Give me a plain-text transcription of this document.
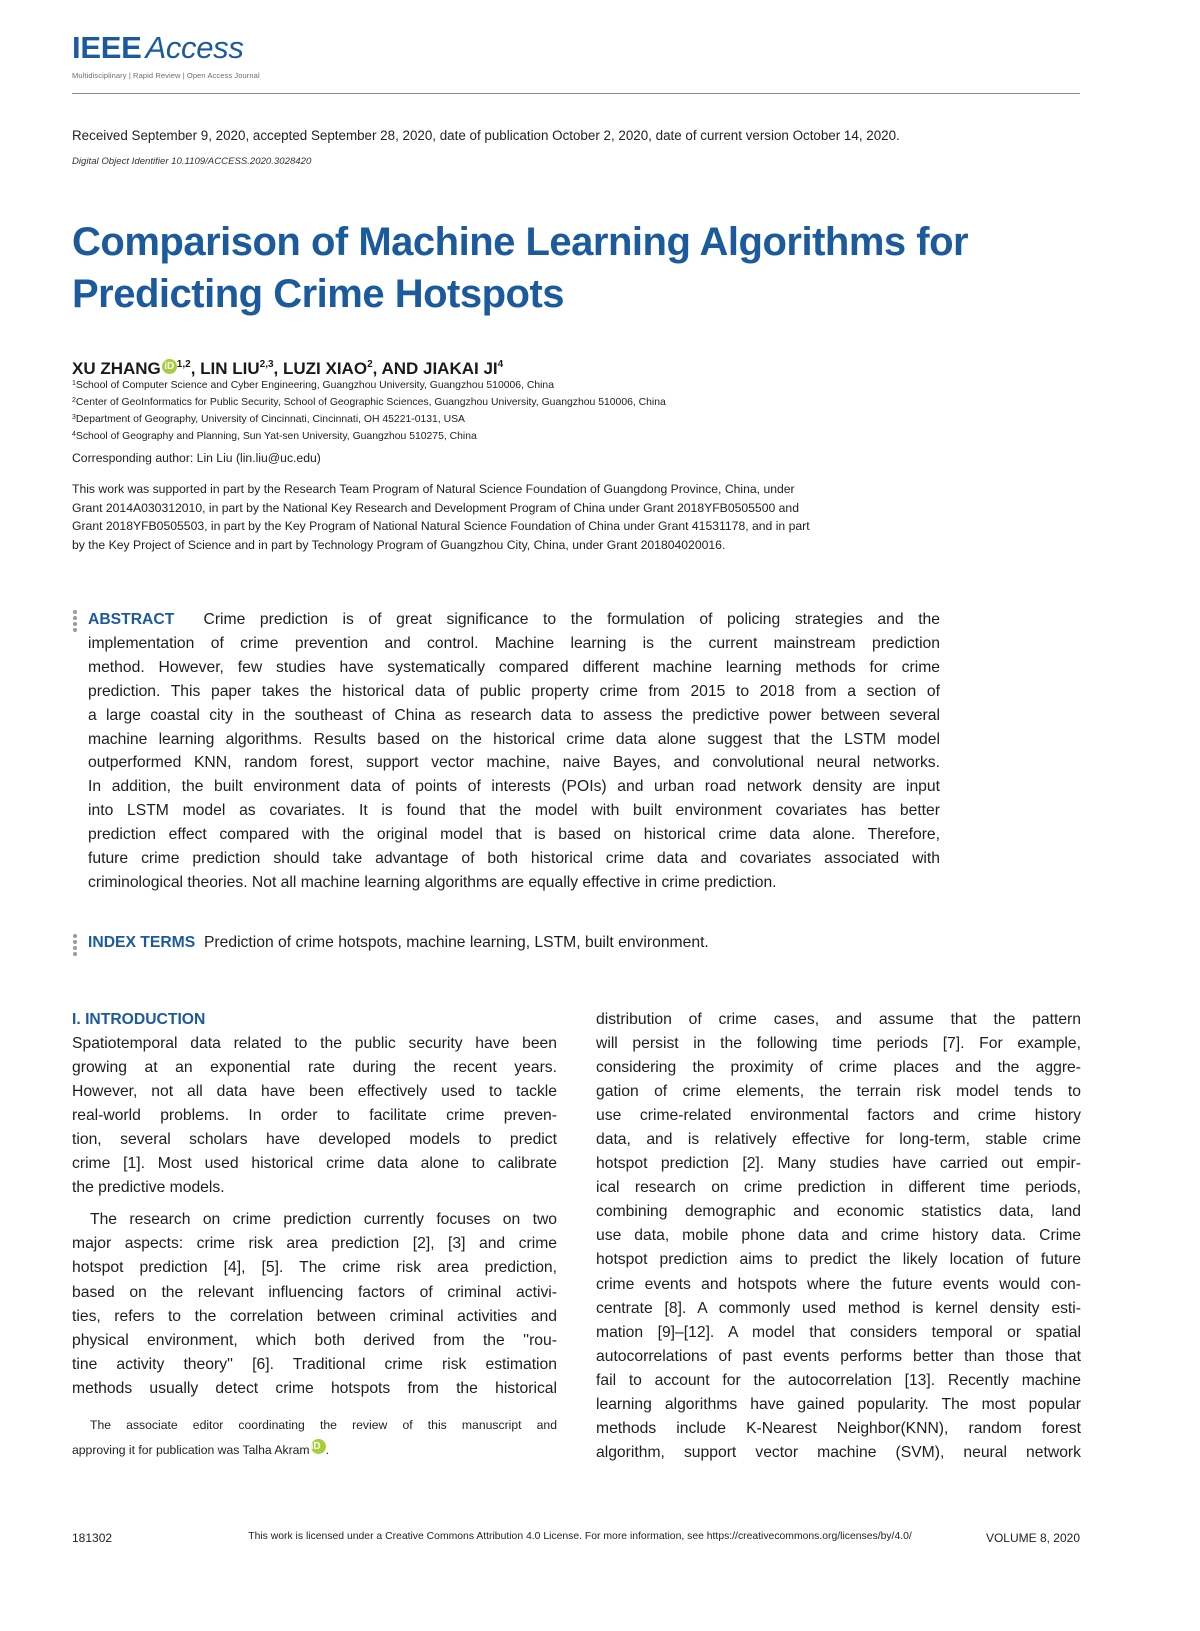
IEEE Access
Multidisciplinary | Rapid Review | Open Access Journal
Received September 9, 2020, accepted September 28, 2020, date of publication October 2, 2020, date of current version October 14, 2020.
Digital Object Identifier 10.1109/ACCESS.2020.3028420
Comparison of Machine Learning Algorithms for Predicting Crime Hotspots
XU ZHANG iD $^{1,2}$, LIN LIU$^{2,3}$, LUZI XIAO$^2$, AND JIAKAI $JI^4$
$^1$School of Computer Science and Cyber Engineering, Guangzhou University, Guangzhou 510006, China
$^2$Center of GeoInformatics for Public Security, School of Geographic Sciences, Guangzhou University, Guangzhou 510006, China
$^3$Department of Geography, University of Cincinnati, Cincinnati, OH 45221-0131, USA
$^4$School of Geography and Planning, Sun Yat-sen University, Guangzhou 510275, China
Corresponding author: Lin Liu (lin.liu@uc.edu)
This work was supported in part by the Research Team Program of Natural Science Foundation of Guangdong Province, China, under
Grant 2014A030312010, in part by the National Key Research and Development Program of China under Grant 2018YFB0505500 and
Grant 2018YFB0505503, in part by the Key Program of National Natural Science Foundation of China under Grant 41531178, and in part
by the Key Project of Science and in part by Technology Program of Guangzhou City, China, under Grant 201804020016.
ABSTRACT Crime prediction is of great significance to the formulation of policing strategies and the
implementation of crime prevention and control. Machine learning is the current mainstream prediction
method. However, few studies have systematically compared different machine learning methods for crime
prediction. This paper takes the historical data of public property crime from 2015 to 2018 from a section of
a large coastal city in the southeast of China as research data to assess the predictive power between several
machine learning algorithms. Results based on the historical crime data alone suggest that the LSTM model
outperformed KNN, random forest, support vector machine, naive Bayes, and convolutional neural networks.
In addition, the built environment data of points of interests (POIs) and urban road network density are input
into LSTM model as covariates. It is found that the model with built environment covariates has better
prediction effect compared with the original model that is based on historical crime data alone. Therefore,
future crime prediction should take advantage of both historical crime data and covariates associated with
criminological theories. Not all machine learning algorithms are equally effective in crime prediction.
INDEX TERMS Prediction of crime hotspots, machine learning, LSTM, built environment.
I. INTRODUCTION
Spatiotemporal data related to the public security have been
growing at an exponential rate during the recent years.
However, not all data have been effectively used to tackle
real-world problems. In order to facilitate crime preven-
tion, several scholars have developed models to predict
crime [1]. Most used historical crime data alone to calibrate
the predictive models.
The research on crime prediction currently focuses on two
major aspects: crime risk area prediction [2], [3] and crime
hotspot prediction [4], [5]. The crime risk area prediction,
based on the relevant influencing factors of criminal activi-
ties, refers to the correlation between criminal activities and
physical environment, which both derived from the ''rou-
tine activity theory'' [6]. Traditional crime risk estimation
methods usually detect crime hotspots from the historical
The associate editor coordinating the review of this manuscript and
approving it for publication was Talha AkramiD .
distribution of crime cases, and assume that the pattern
will persist in the following time periods [7]. For example,
considering the proximity of crime places and the aggre-
gation of crime elements, the terrain risk model tends to
use crime-related environmental factors and crime history
data, and is relatively effective for long-term, stable crime
hotspot prediction [2]. Many studies have carried out empir-
ical research on crime prediction in different time periods,
combining demographic and economic statistics data, land
use data, mobile phone data and crime history data. Crime
hotspot prediction aims to predict the likely location of future
crime events and hotspots where the future events would con-
centrate [8]. A commonly used method is kernel density esti-
mation [9]–[12]. A model that considers temporal or spatial
autocorrelations of past events performs better than those that
fail to account for the autocorrelation [13]. Recently machine
learning algorithms have gained popularity. The most popular
methods include K-Nearest Neighbor(KNN), random forest
algorithm, support vector machine (SVM), neural network
181302	This work is licensed under a Creative Commons Attribution 4.0 License. For more information, see https://creativecommons.org/licenses/by/4.0/	VOLUME 8, 2020
